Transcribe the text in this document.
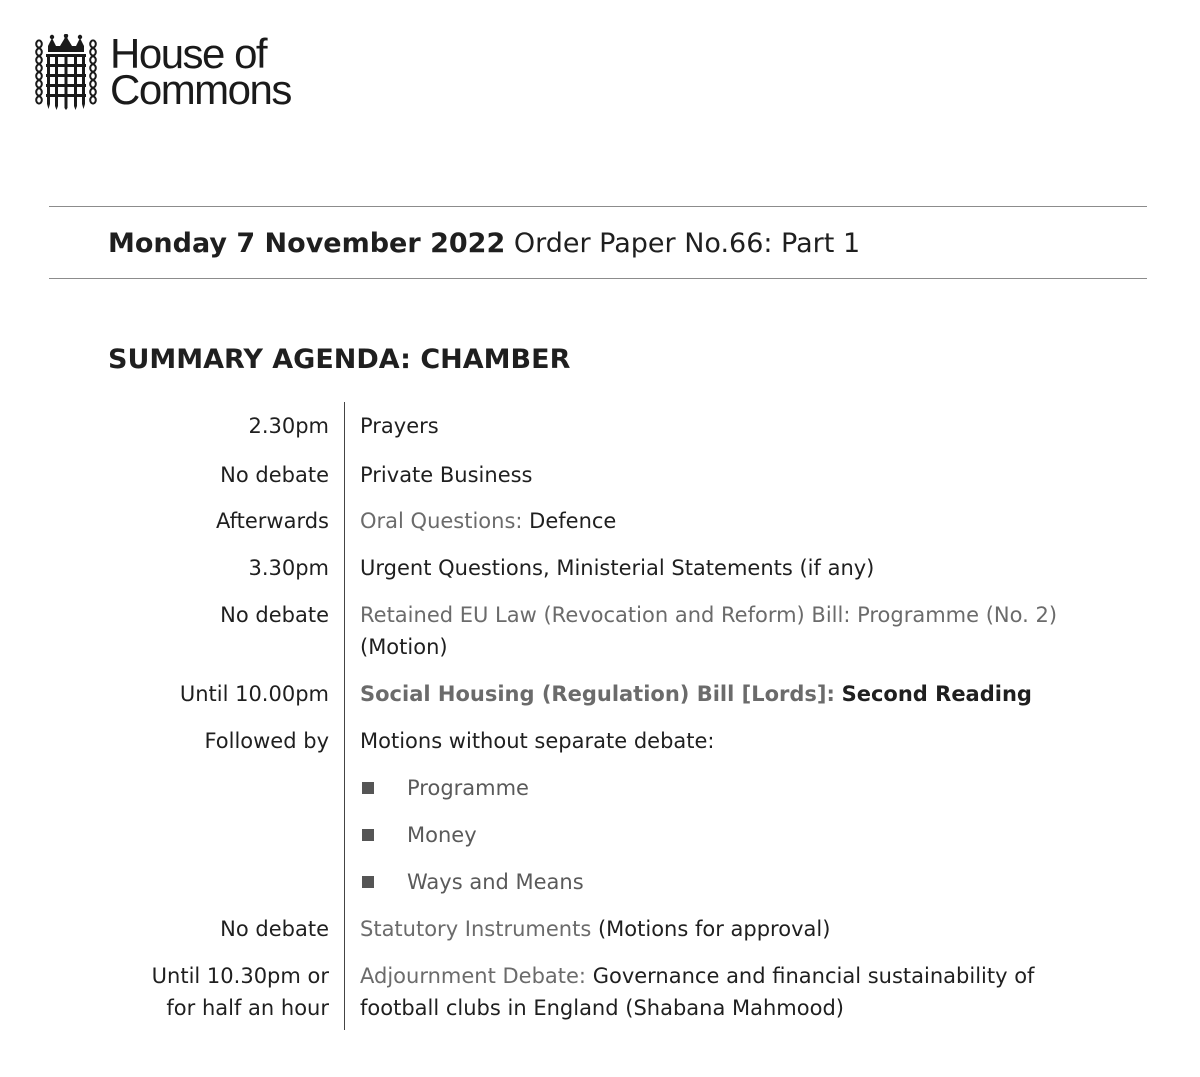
House of
Commons
Monday 7 November 2022 Order Paper No.66: Part 1
SUMMARY AGENDA: CHAMBER
2.30pm Prayers
No debate Private Business
Afterwards Oral Questions: Defence
3.30pm Urgent Questions, Ministerial Statements (if any)
No debate Retained EU Law (Revocation and Reform) Bill: Programme (No. 2)
(Motion)
Until 10.00pm Social Housing (Regulation) Bill [Lords]: Second Reading
Followed by Motions without separate debate:
Programme
Money
Ways and Means
No debate Statutory Instruments (Motions for approval)
Until 10.30pm or
for half an hour
Adjournment Debate: Governance and financial sustainability of
football clubs in England (Shabana Mahmood)
